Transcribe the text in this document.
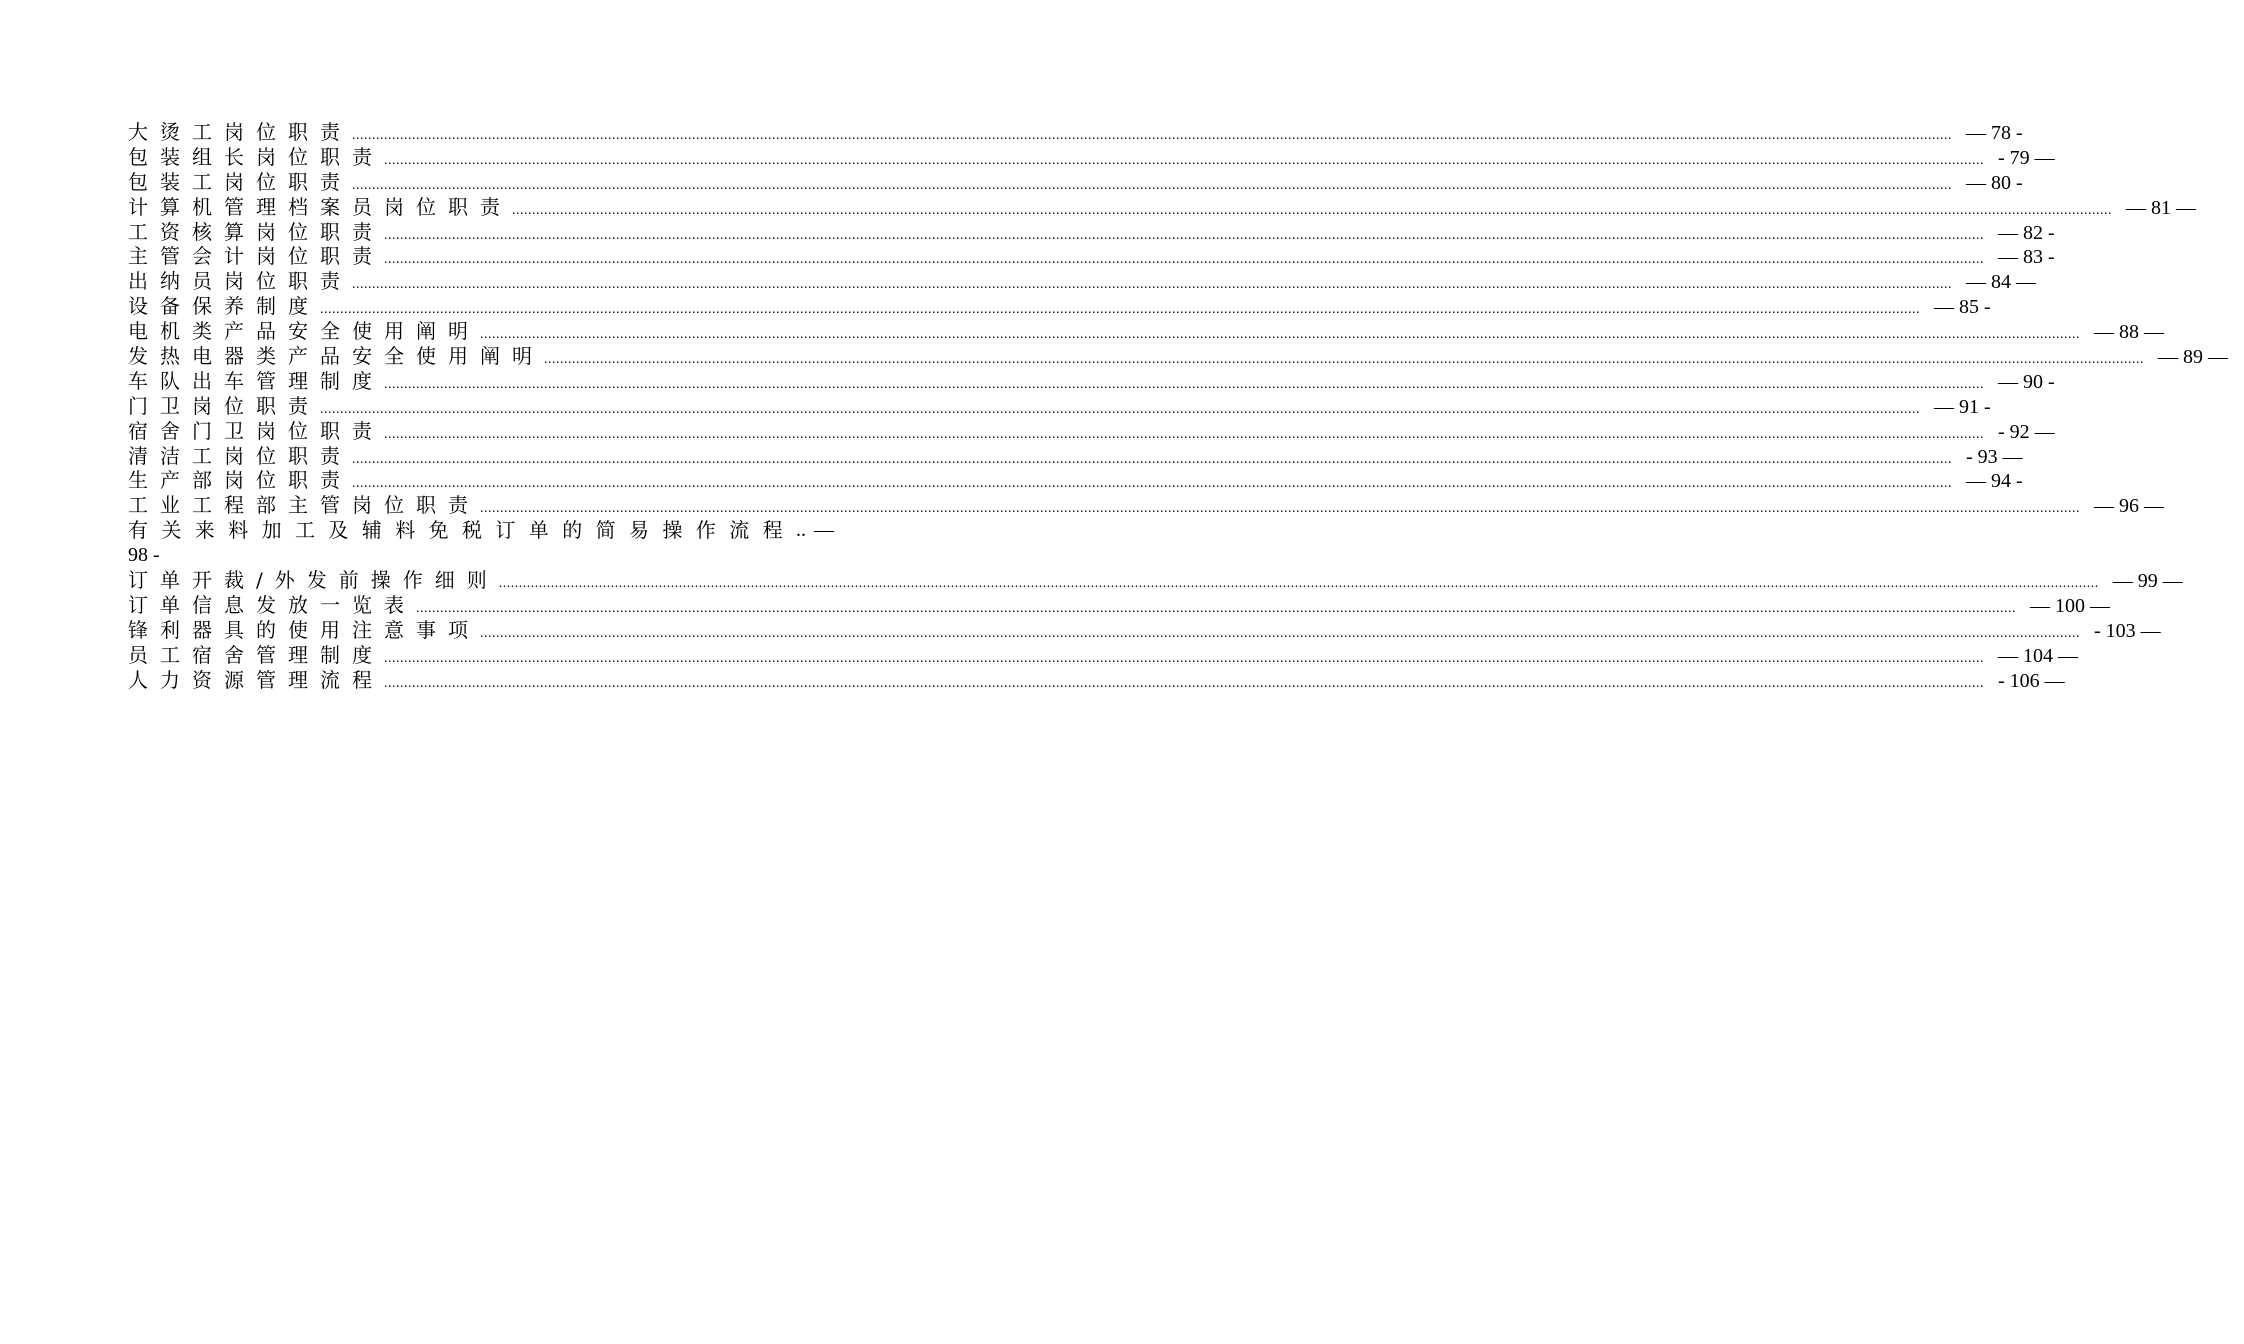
大烫工岗位职责 ................................................................................................................................................................................................................................................................................................................................................................................................................ — 78 -
包装组长岗位职责 ................................................................................................................................................................................................................................................................................................................................................................................................................ - 79 —
包装工岗位职责 ................................................................................................................................................................................................................................................................................................................................................................................................................ — 80 -
计算机管理档案员岗位职责 ................................................................................................................................................................................................................................................................................................................................................................................................................ — 81 —
工资核算岗位职责 ................................................................................................................................................................................................................................................................................................................................................................................................................ — 82 -
主管会计岗位职责 ................................................................................................................................................................................................................................................................................................................................................................................................................ — 83 -
出纳员岗位职责 ................................................................................................................................................................................................................................................................................................................................................................................................................ — 84 —
设备保养制度 ................................................................................................................................................................................................................................................................................................................................................................................................................ — 85 -
电机类产品安全使用阐明 ................................................................................................................................................................................................................................................................................................................................................................................................................ — 88 —
发热电器类产品安全使用阐明 ................................................................................................................................................................................................................................................................................................................................................................................................................ — 89 —
车队出车管理制度 ................................................................................................................................................................................................................................................................................................................................................................................................................ — 90 -
门卫岗位职责 ................................................................................................................................................................................................................................................................................................................................................................................................................ — 91 -
宿舍门卫岗位职责 ................................................................................................................................................................................................................................................................................................................................................................................................................ - 92 —
清洁工岗位职责 ................................................................................................................................................................................................................................................................................................................................................................................................................ - 93 —
生产部岗位职责 ................................................................................................................................................................................................................................................................................................................................................................................................................ — 94 -
工业工程部主管岗位职责 ................................................................................................................................................................................................................................................................................................................................................................................................................ — 96 —
有关来料加工及辅料免税订单的简易操作流程 .. —
98 -
订单开裁/外发前操作细则 ................................................................................................................................................................................................................................................................................................................................................................................................................ — 99 —
订单信息发放一览表 ................................................................................................................................................................................................................................................................................................................................................................................................................ — 100 —
锋利器具的使用注意事项 ................................................................................................................................................................................................................................................................................................................................................................................................................ - 103 —
员工宿舍管理制度 ................................................................................................................................................................................................................................................................................................................................................................................................................ — 104 —
人力资源管理流程 ................................................................................................................................................................................................................................................................................................................................................................................................................ - 106 —
